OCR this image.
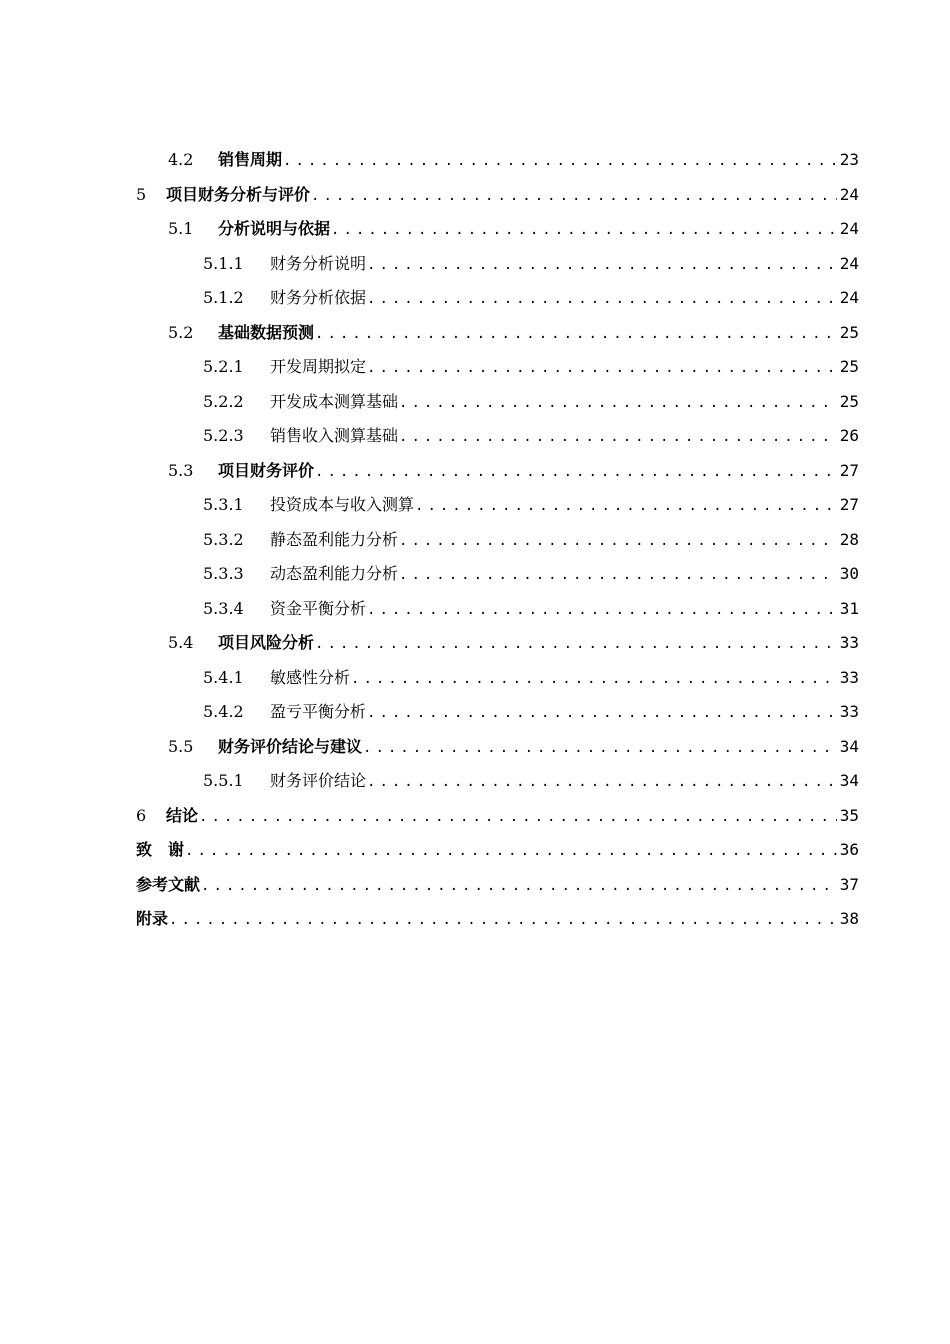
4.2	销售周期 .....	23
5	项目财务分析与评价 .....	24
5.1	分析说明与依据 .....	24
5.1.1	财务分析说明 .....	24
5.1.2	财务分析依据 .....	24
5.2	基础数据预测 .....	25
5.2.1	开发周期拟定 .....	25
5.2.2	开发成本测算基础 .....	25
5.2.3	销售收入测算基础 .....	26
5.3	项目财务评价 .....	27
5.3.1	投资成本与收入测算 .....	27
5.3.2	静态盈利能力分析 .....	28
5.3.3	动态盈利能力分析 .....	30
5.3.4	资金平衡分析 .....	31
5.4	项目风险分析 .....	33
5.4.1	敏感性分析 .....	33
5.4.2	盈亏平衡分析 .....	33
5.5	财务评价结论与建议 .....	34
5.5.1	财务评价结论 .....	34
6	结论 .....	35
致　谢 .....	36
参考文献 .....	37
附录 .....	38
